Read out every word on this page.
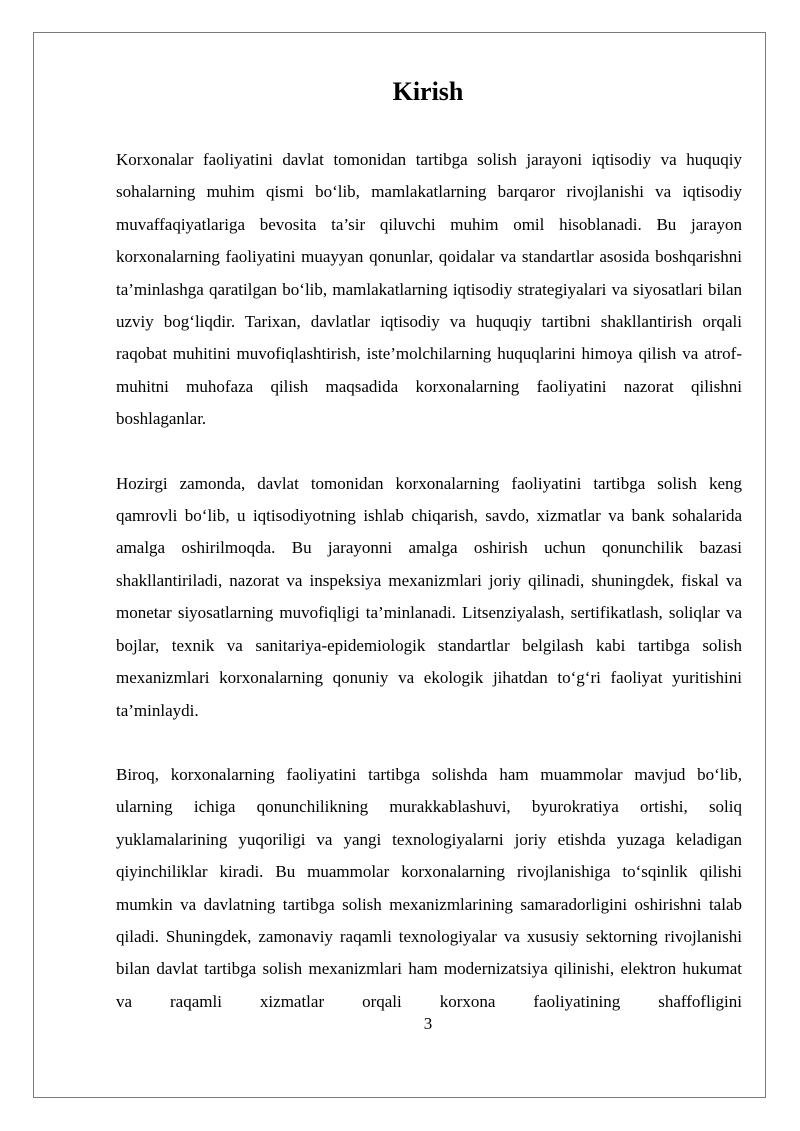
Kirish

Korxonalar faoliyatini davlat tomonidan tartibga solish jarayoni iqtisodiy va huquqiy sohalarning muhim qismi bo‘lib, mamlakatlarning barqaror rivojlanishi va iqtisodiy muvaffaqiyatlariga bevosita ta’sir qiluvchi muhim omil hisoblanadi. Bu jarayon korxonalarning faoliyatini muayyan qonunlar, qoidalar va standartlar asosida boshqarishni ta’minlashga qaratilgan bo‘lib, mamlakatlarning iqtisodiy strategiyalari va siyosatlari bilan uzviy bog‘liqdir. Tarixan, davlatlar iqtisodiy va huquqiy tartibni shakllantirish orqali raqobat muhitini muvofiqlashtirish, iste’molchilarning huquqlarini himoya qilish va atrof-muhitni muhofaza qilish maqsadida korxonalarning faoliyatini nazorat qilishni boshlaganlar.

Hozirgi zamonda, davlat tomonidan korxonalarning faoliyatini tartibga solish keng qamrovli bo‘lib, u iqtisodiyotning ishlab chiqarish, savdo, xizmatlar va bank sohalarida amalga oshirilmoqda. Bu jarayonni amalga oshirish uchun qonunchilik bazasi shakllantiriladi, nazorat va inspeksiya mexanizmlari joriy qilinadi, shuningdek, fiskal va monetar siyosatlarning muvofiqligi ta’minlanadi. Litsenziyalash, sertifikatlash, soliqlar va bojlar, texnik va sanitariya-epidemiologik standartlar belgilash kabi tartibga solish mexanizmlari korxonalarning qonuniy va ekologik jihatdan to‘g‘ri faoliyat yuritishini ta’minlaydi.

Biroq, korxonalarning faoliyatini tartibga solishda ham muammolar mavjud bo‘lib, ularning ichiga qonunchilikning murakkablashuvi, byurokratiya ortishi, soliq yuklamalarining yuqoriligi va yangi texnologiyalarni joriy etishda yuzaga keladigan qiyinchiliklar kiradi. Bu muammolar korxonalarning rivojlanishiga to‘sqinlik qilishi mumkin va davlatning tartibga solish mexanizmlarining samaradorligini oshirishni talab qiladi. Shuningdek, zamonaviy raqamli texnologiyalar va xususiy sektorning rivojlanishi bilan davlat tartibga solish mexanizmlari ham modernizatsiya qilinishi, elektron hukumat va raqamli xizmatlar orqali korxona faoliyatining shaffofligini

3
